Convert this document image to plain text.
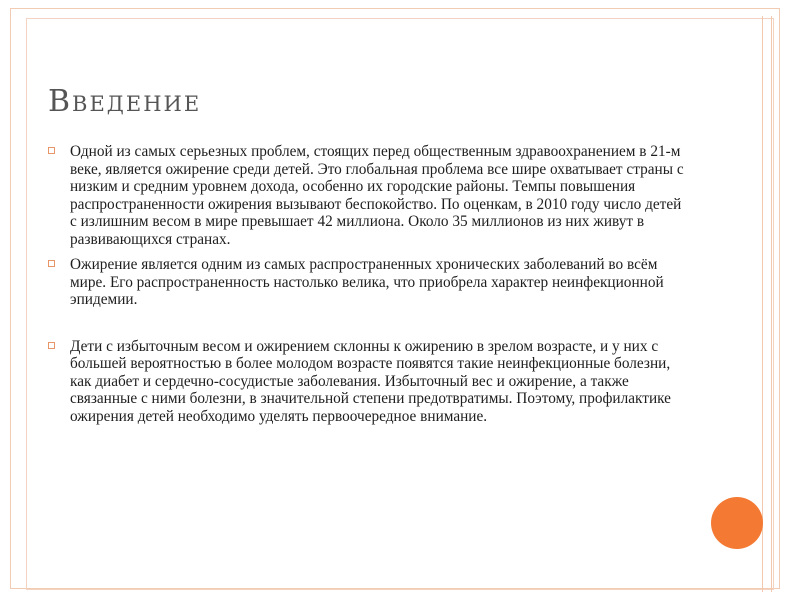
Введение
Одной из самых серьезных проблем, стоящих перед общественным здравоохранением в 21-м веке, является ожирение среди детей. Это глобальная проблема все шире охватывает страны с низким и средним уровнем дохода, особенно их городские районы. Темпы повышения распространенности ожирения вызывают беспокойство. По оценкам, в 2010 году число детей с излишним весом в мире превышает 42 миллиона. Около 35 миллионов из них живут в развивающихся странах.
Ожирение является одним из самых распространенных хронических заболеваний во всём мире. Его распространенность настолько велика, что приобрела характер неинфекционной эпидемии.
Дети с избыточным весом и ожирением склонны к ожирению в зрелом возрасте, и у них с большей вероятностью в более молодом возрасте появятся такие неинфекционные болезни, как диабет и сердечно-сосудистые заболевания. Избыточный вес и ожирение, а также связанные с ними болезни, в значительной степени предотвратимы. Поэтому, профилактике ожирения детей необходимо уделять первоочередное внимание.
